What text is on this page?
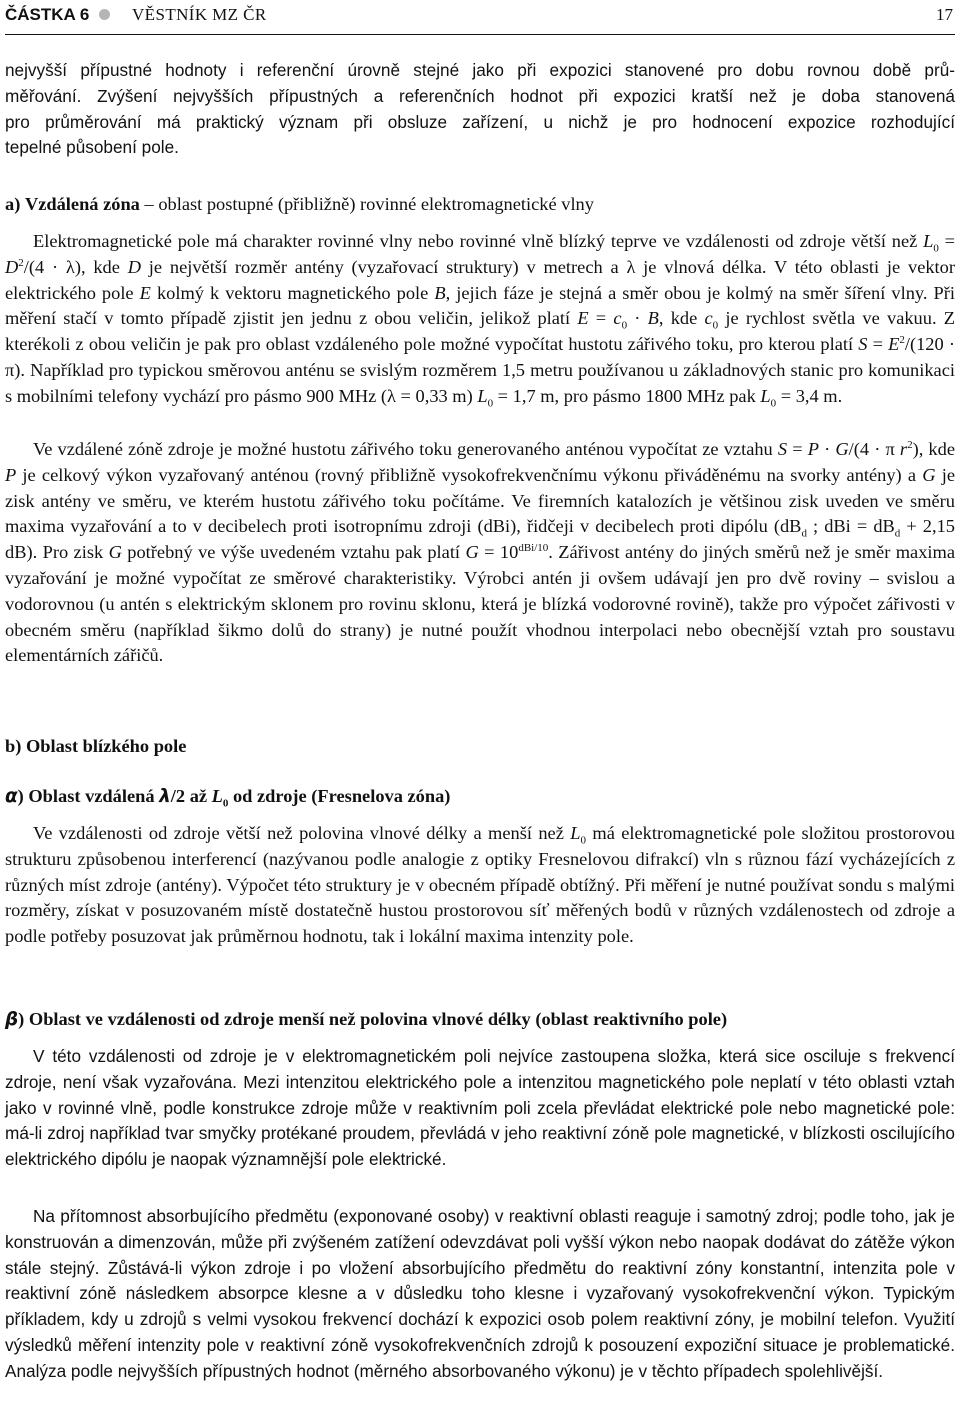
ČÁSTKA 6	VĚSTNÍK MZ ČR	17
nejvyšší přípustné hodnoty i referenční úrovně stejné jako při expozici stanovené pro dobu rovnou době prů-
měřování. Zvýšení nejvyšších přípustných a referenčních hodnot při expozici kratší než je doba stanovená
pro průměrování má praktický význam při obsluze zařízení, u nichž je pro hodnocení expozice rozhodující
tepelné působení pole.

a) Vzdálená zóna – oblast postupné (přibližně) rovinné elektromagnetické vlny

Elektromagnetické pole má charakter rovinné vlny nebo rovinné vlně blízký teprve ve vzdálenosti od zdroje větší než $L_0 = D^2/(4 \cdot \lambda)$, kde D je největší rozměr antény (vyzařovací struktury) v metrech a λ je vlnová délka. V této oblasti je vektor elektrického pole E kolmý k vektoru magnetického pole B, jejich fáze je stejná a směr obou je kolmý na směr šíření vlny. Při měření stačí v tomto případě zjistit jen jednu z obou veličin, jelikož platí $E = c_0 \cdot B$, kde $c_0$ je rychlost světla ve vakuu. Z kterékoli z obou veličin je pak pro oblast vzdáleného pole možné vypočítat hustotu zářivého toku, pro kterou platí $S = E^2/(120 \cdot \pi)$. Například pro typickou směrovou anténu se svislým rozměrem 1,5 metru používanou u základnových stanic pro komunikaci s mobilními telefony vychází pro pásmo 900 MHz (λ = 0,33 m) $L_0 = 1,7$ m, pro pásmo 1800 MHz pak $L_0 = 3,4$ m.

Ve vzdálené zóně zdroje je možné hustotu zářivého toku generovaného anténou vypočítat ze vztahu S = P · G/(4 · π $r^2$), kde P je celkový výkon vyzařovaný anténou (rovný přibližně vysokofrekvenčnímu výkonu přiváděnému na svorky antény) a G je zisk antény ve směru, ve kterém hustotu zářivého toku počítáme. Ve firemních katalozích je většinou zisk uveden ve směru maxima vyzařování a to v decibelech proti isotropnímu zdroji (dBi), řidčeji v decibelech proti dipólu ($dB_d$ ; dBi = $dB_d + 2,15$ dB). Pro zisk G potřebný ve výše uvedeném vztahu pak platí $G = 10^{dBi/10}$. Zářivost antény do jiných směrů než je směr maxima vyzařování je možné vypočítat ze směrové charakteristiky. Výrobci antén ji ovšem udávají jen pro dvě roviny – svislou a vodorovnou (u antén s elektrickým sklonem pro rovinu sklonu, která je blízká vodorovné rovině), takže pro výpočet zářivosti v obecném směru (například šikmo dolů do strany) je nutné použít vhodnou interpolaci nebo obecnější vztah pro soustavu elementárních zářičů.

b) Oblast blízkého pole

α) Oblast vzdálená λ/2 až $L_0$ od zdroje (Fresnelova zóna)

Ve vzdálenosti od zdroje větší než polovina vlnové délky a menší než $L_0$ má elektromagnetické pole složitou prostorovou strukturu způsobenou interferencí (nazývanou podle analogie z optiky Fresnelovou difrakcí) vln s různou fází vycházejících z různých míst zdroje (antény). Výpočet této struktury je v obecném případě obtížný. Při měření je nutné používat sondu s malými rozměry, získat v posuzovaném místě dostatečně hustou prostorovou síť měřených bodů v různých vzdálenostech od zdroje a podle potřeby posuzovat jak průměrnou hodnotu, tak i lokální maxima intenzity pole.

β) Oblast ve vzdálenosti od zdroje menší než polovina vlnové délky (oblast reaktivního pole)

V této vzdálenosti od zdroje je v elektromagnetickém poli nejvíce zastoupena složka, která sice osciluje s frekvencí zdroje, není však vyzařována. Mezi intenzitou elektrického pole a intenzitou magnetického pole neplatí v této oblasti vztah jako v rovinné vlně, podle konstrukce zdroje může v reaktivním poli zcela převládat elektrické pole nebo magnetické pole: má-li zdroj například tvar smyčky protékané proudem, převládá v jeho reaktivní zóně pole magnetické, v blízkosti oscilujícího elektrického dipólu je naopak významnější pole elektrické.

Na přítomnost absorbujícího předmětu (exponované osoby) v reaktivní oblasti reaguje i samotný zdroj; podle toho, jak je konstruován a dimenzován, může při zvýšeném zatížení odevzdávat poli vyšší výkon nebo naopak dodávat do zátěže výkon stále stejný. Zůstává-li výkon zdroje i po vložení absorbujícího předmětu do reaktivní zóny konstantní, intenzita pole v reaktivní zóně následkem absorpce klesne a v důsledku toho klesne i vyzařovaný vysokofrekvenční výkon. Typickým příkladem, kdy u zdrojů s velmi vysokou frekvencí dochází k expozici osob polem reaktivní zóny, je mobilní telefon. Využití výsledků měření intenzity pole v reaktivní zóně vysokofrekvenčních zdrojů k posouzení expoziční situace je problematické. Analýza podle nejvyšších přípustných hodnot (měrného absorbovaného výkonu) je v těchto případech spolehlivější.
